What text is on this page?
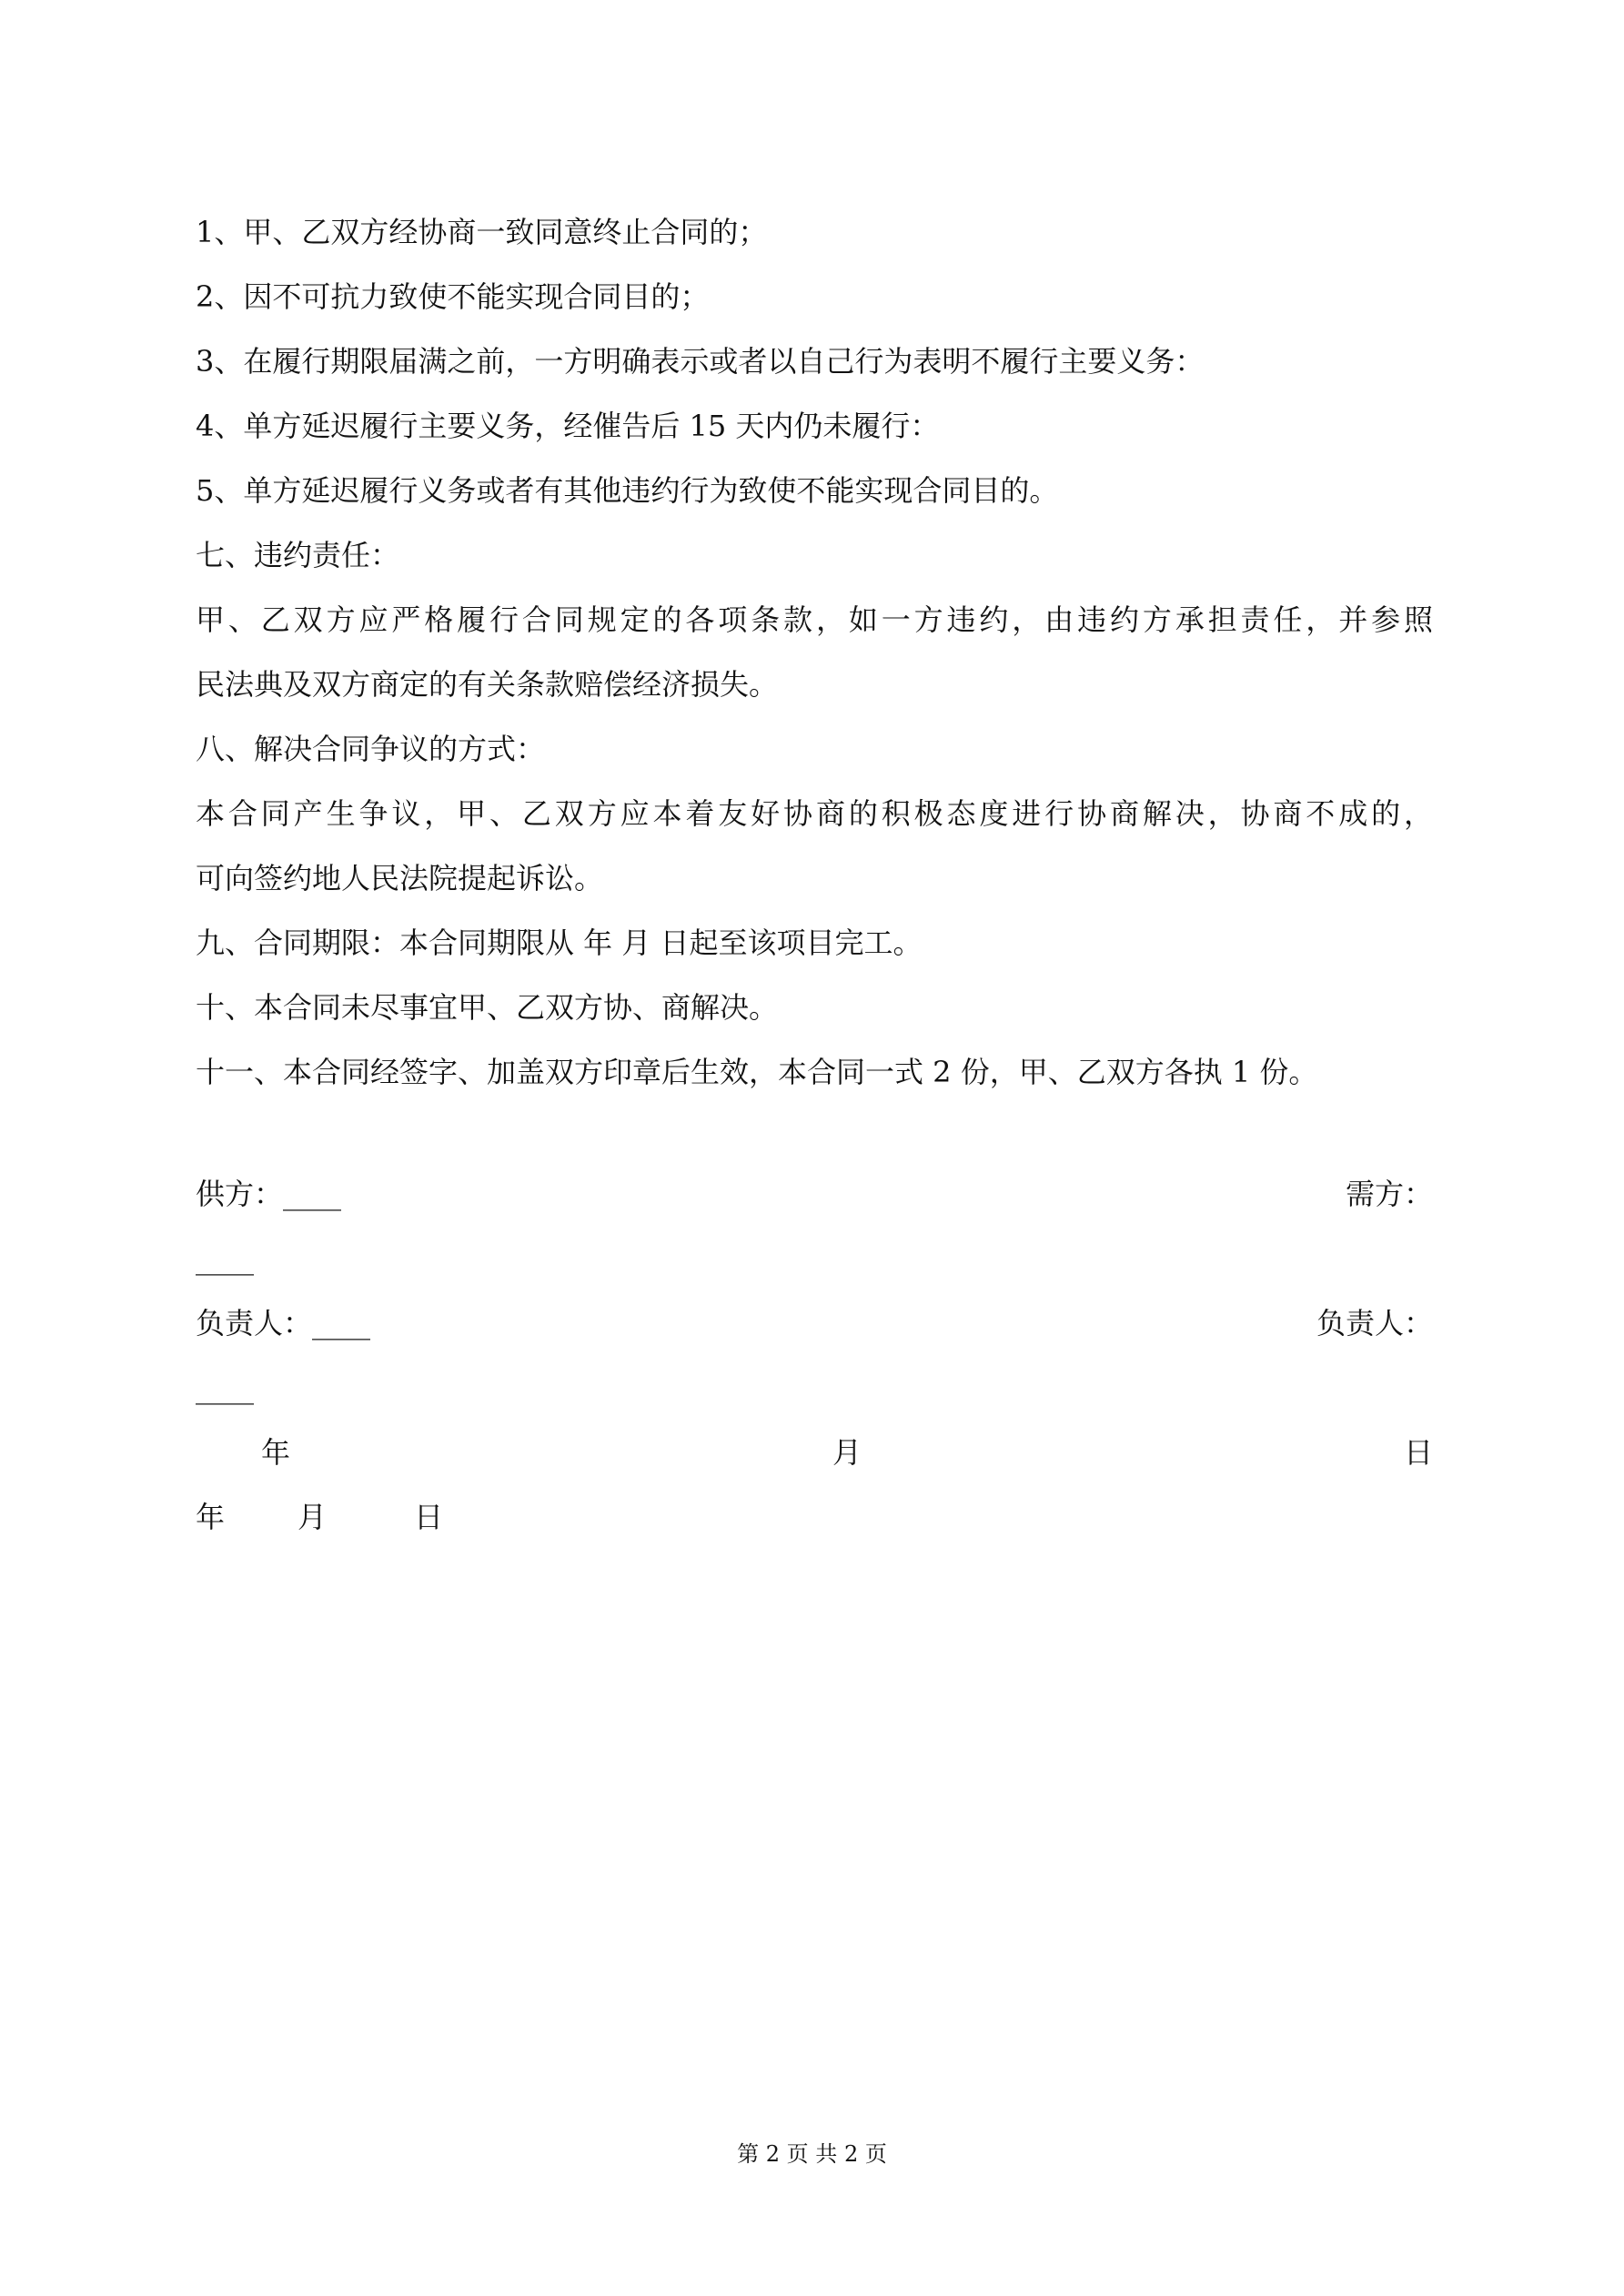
1、甲、乙双方经协商一致同意终止合同的；
2、因不可抗力致使不能实现合同目的；
3、在履行期限届满之前，一方明确表示或者以自己行为表明不履行主要义务：
4、单方延迟履行主要义务，经催告后 15 天内仍未履行：
5、单方延迟履行义务或者有其他违约行为致使不能实现合同目的。
七、违约责任：
甲、乙双方应严格履行合同规定的各项条款，如一方违约，由违约方承担责任，并参照
民法典及双方商定的有关条款赔偿经济损失。
八、解决合同争议的方式：
本合同产生争议，甲、乙双方应本着友好协商的积极态度进行协商解决，协商不成的，
可向签约地人民法院提起诉讼。
九、合同期限：本合同期限从 年 月 日起至该项目完工。
十、本合同未尽事宜甲、乙双方协、商解决。
十一、本合同经签字、加盖双方印章后生效，本合同一式 2 份，甲、乙双方各执 1 份。
供方：____	需方：
____
负责人：____	负责人：
____
年	月	日
年 月	日
第 2 页 共 2 页
